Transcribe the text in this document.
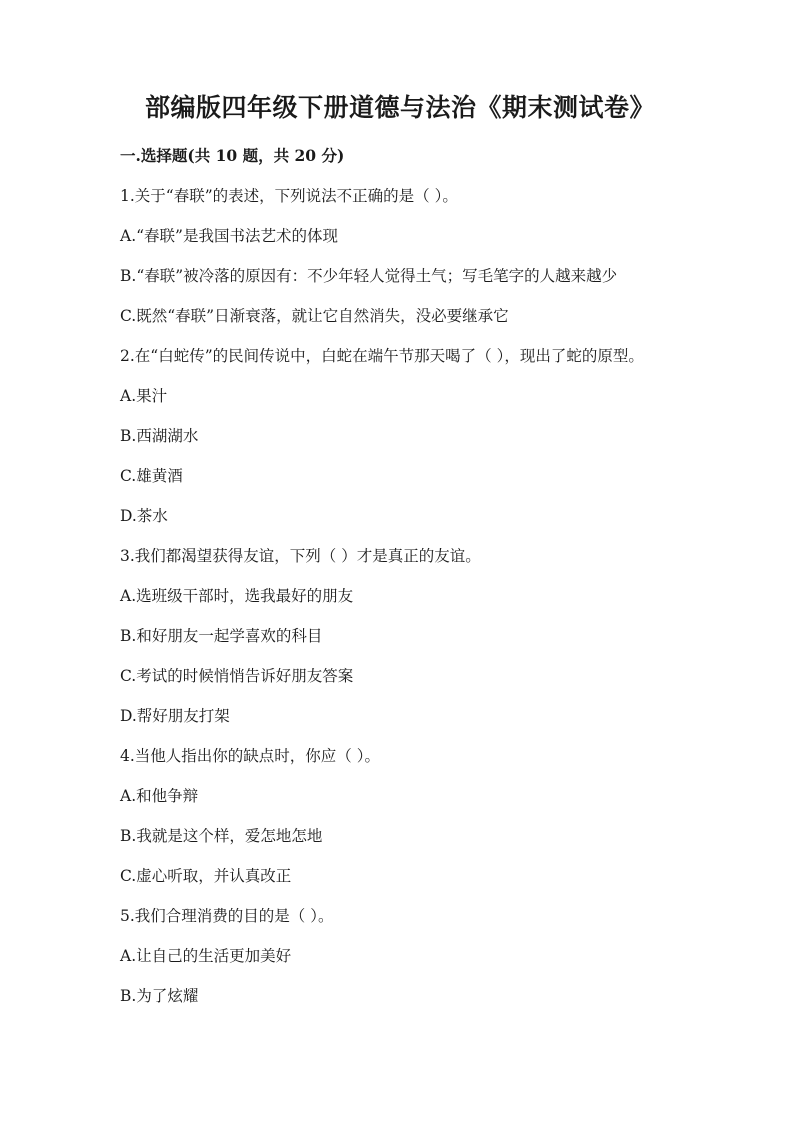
部编版四年级下册道德与法治《期末测试卷》
一.选择题(共 10 题，共 20 分)
1.关于“春联”的表述，下列说法不正确的是（ ）。
A.“春联”是我国书法艺术的体现
B.“春联”被冷落的原因有：不少年轻人觉得土气；写毛笔字的人越来越少
C.既然“春联”日渐衰落，就让它自然消失，没必要继承它
2.在“白蛇传”的民间传说中，白蛇在端午节那天喝了（ ），现出了蛇的原型。
A.果汁
B.西湖湖水
C.雄黄酒
D.茶水
3.我们都渴望获得友谊，下列（ ）才是真正的友谊。
A.选班级干部时，选我最好的朋友
B.和好朋友一起学喜欢的科目
C.考试的时候悄悄告诉好朋友答案
D.帮好朋友打架
4.当他人指出你的缺点时，你应（ ）。
A.和他争辩
B.我就是这个样，爱怎地怎地
C.虚心听取，并认真改正
5.我们合理消费的目的是（ ）。
A.让自己的生活更加美好
B.为了炫耀
